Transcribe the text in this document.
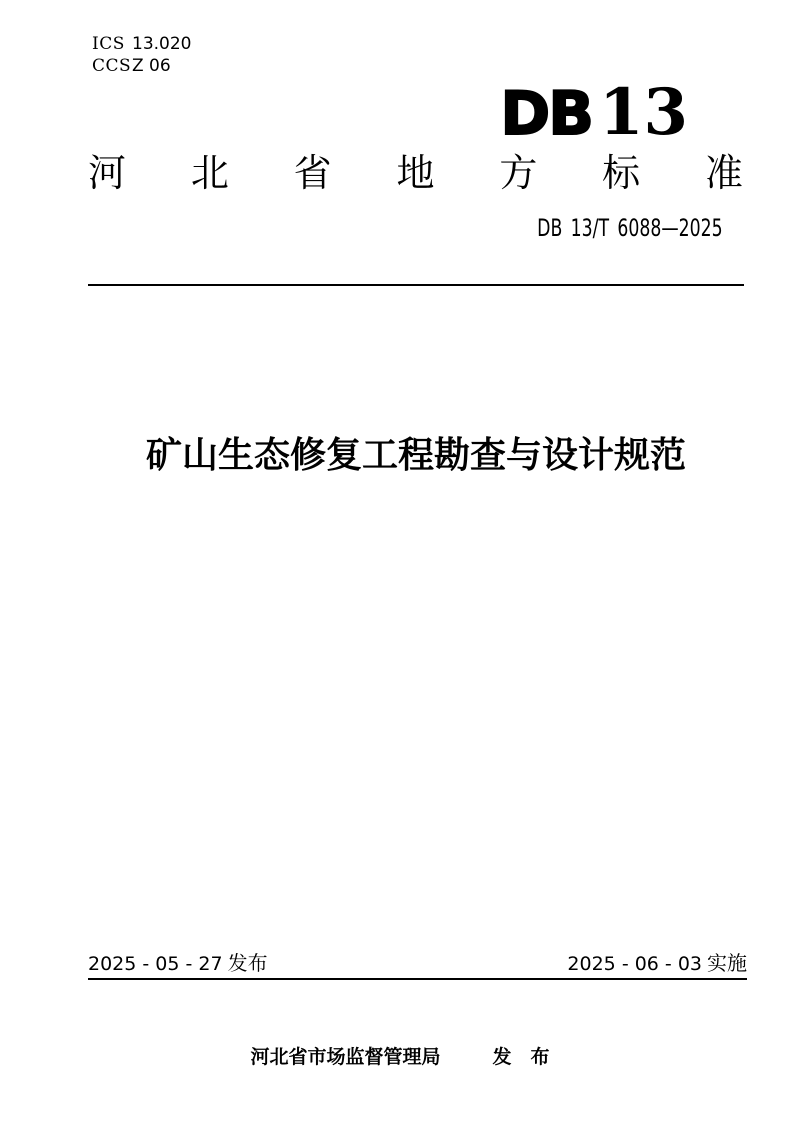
ICS 13.020
CCS Z 06
DB 13
河北省地方标准
DB 13/T 6088—2025
矿山生态修复工程勘查与设计规范
2025 - 05 - 27 发布	2025 - 06 - 03 实施
河北省市场监督管理局	发　布
